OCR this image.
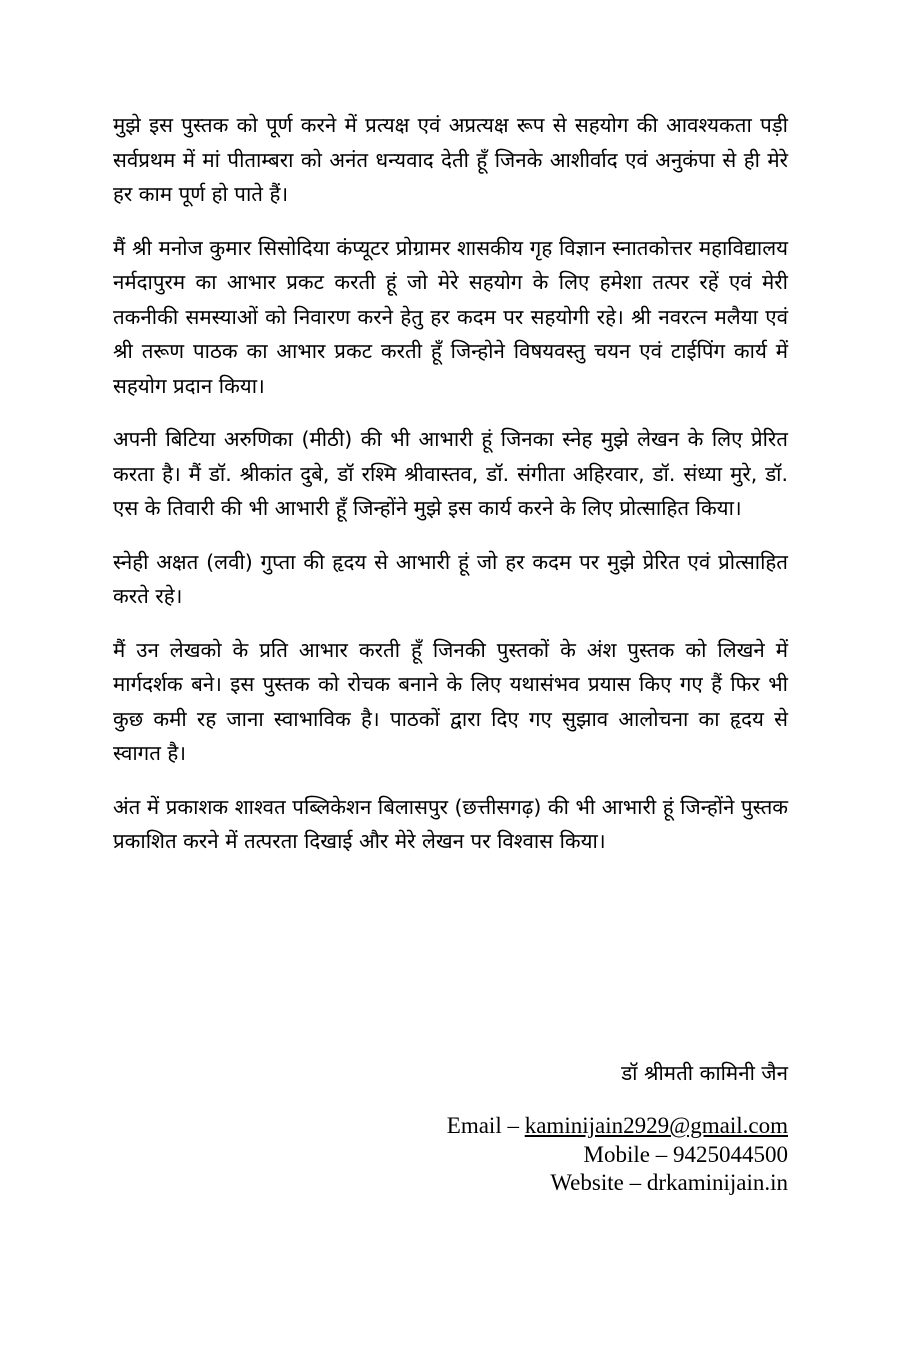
मुझे इस पुस्तक को पूर्ण करने में प्रत्यक्ष एवं अप्रत्यक्ष रूप से सहयोग की आवश्यकता पड़ी सर्वप्रथम में मां पीताम्बरा को अनंत धन्यवाद देती हूँ जिनके आशीर्वाद एवं अनुकंपा से ही मेरे हर काम पूर्ण हो पाते हैं।

मैं श्री मनोज कुमार सिसोदिया कंप्यूटर प्रोग्रामर शासकीय गृह विज्ञान स्नातकोत्तर महाविद्यालय नर्मदापुरम का आभार प्रकट करती हूं जो मेरे सहयोग के लिए हमेशा तत्पर रहें एवं मेरी तकनीकी समस्याओं को निवारण करने हेतु हर कदम पर सहयोगी रहे। श्री नवरत्न मलैया एवं श्री तरूण पाठक का आभार प्रकट करती हूँ जिन्होने विषयवस्तु चयन एवं टाईपिंग कार्य में सहयोग प्रदान किया।

अपनी बिटिया अरुणिका (मीठी) की भी आभारी हूं जिनका स्नेह मुझे लेखन के लिए प्रेरित करता है। मैं डॉ. श्रीकांत दुबे, डॉ रश्मि श्रीवास्तव, डॉ. संगीता अहिरवार, डॉ. संध्या मुरे, डॉ. एस के तिवारी की भी आभारी हूँ जिन्होंने मुझे इस कार्य करने के लिए प्रोत्साहित किया।

स्नेही अक्षत (लवी) गुप्ता की हृदय से आभारी हूं जो हर कदम पर मुझे प्रेरित एवं प्रोत्साहित करते रहे।

मैं उन लेखको के प्रति आभार करती हूँ जिनकी पुस्तकों के अंश पुस्तक को लिखने में मार्गदर्शक बने। इस पुस्तक को रोचक बनाने के लिए यथासंभव प्रयास किए गए हैं फिर भी कुछ कमी रह जाना स्वाभाविक है। पाठकों द्वारा दिए गए सुझाव आलोचना का हृदय से स्वागत है।

अंत में प्रकाशक शाश्वत पब्लिकेशन बिलासपुर (छत्तीसगढ़) की भी आभारी हूं जिन्होंने पुस्तक प्रकाशित करने में तत्परता दिखाई और मेरे लेखन पर विश्वास किया।

डॉ श्रीमती कामिनी जैन

Email – kaminijain2929@gmail.com

Mobile – 9425044500

Website – drkaminijain.in
